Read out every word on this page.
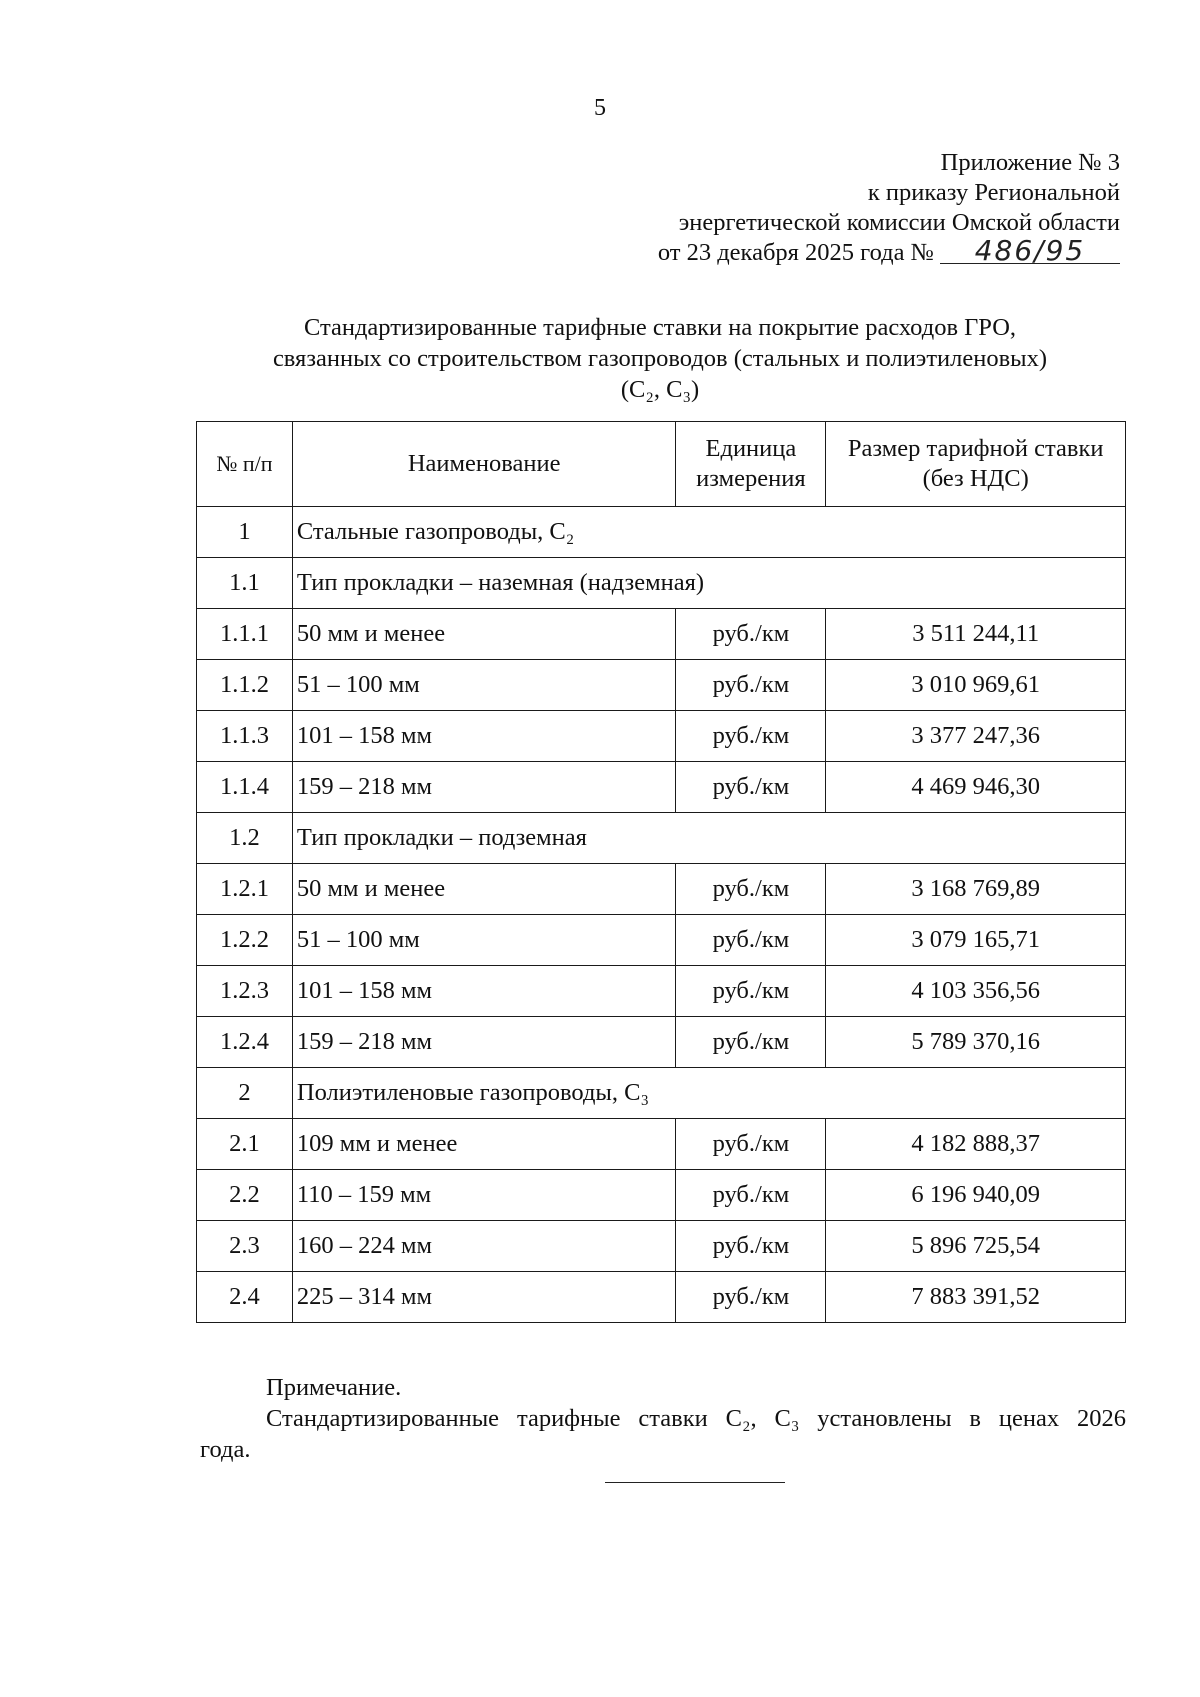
5
Приложение № 3
к приказу Региональной
энергетической комиссии Омской области
от 23 декабря 2025 года № 486/95
Стандартизированные тарифные ставки на покрытие расходов ГРО,
связанных со строительством газопроводов (стальных и полиэтиленовых)
(С₂, С₃)
№ п/п	Наименование	Единица измерения	Размер тарифной ставки (без НДС)
1	Стальные газопроводы, С₂		
1.1	Тип прокладки – наземная (надземная)		
1.1.1	50 мм и менее	руб./км	3 511 244,11
1.1.2	51 – 100 мм	руб./км	3 010 969,61
1.1.3	101 – 158 мм	руб./км	3 377 247,36
1.1.4	159 – 218 мм	руб./км	4 469 946,30
1.2	Тип прокладки – подземная		
1.2.1	50 мм и менее	руб./км	3 168 769,89
1.2.2	51 – 100 мм	руб./км	3 079 165,71
1.2.3	101 – 158 мм	руб./км	4 103 356,56
1.2.4	159 – 218 мм	руб./км	5 789 370,16
2	Полиэтиленовые газопроводы, С₃		
2.1	109 мм и менее	руб./км	4 182 888,37
2.2	110 – 159 мм	руб./км	6 196 940,09
2.3	160 – 224 мм	руб./км	5 896 725,54
2.4	225 – 314 мм	руб./км	7 883 391,52
Примечание.
Стандартизированные тарифные ставки С₂, С₃ установлены в ценах 2026 года.
